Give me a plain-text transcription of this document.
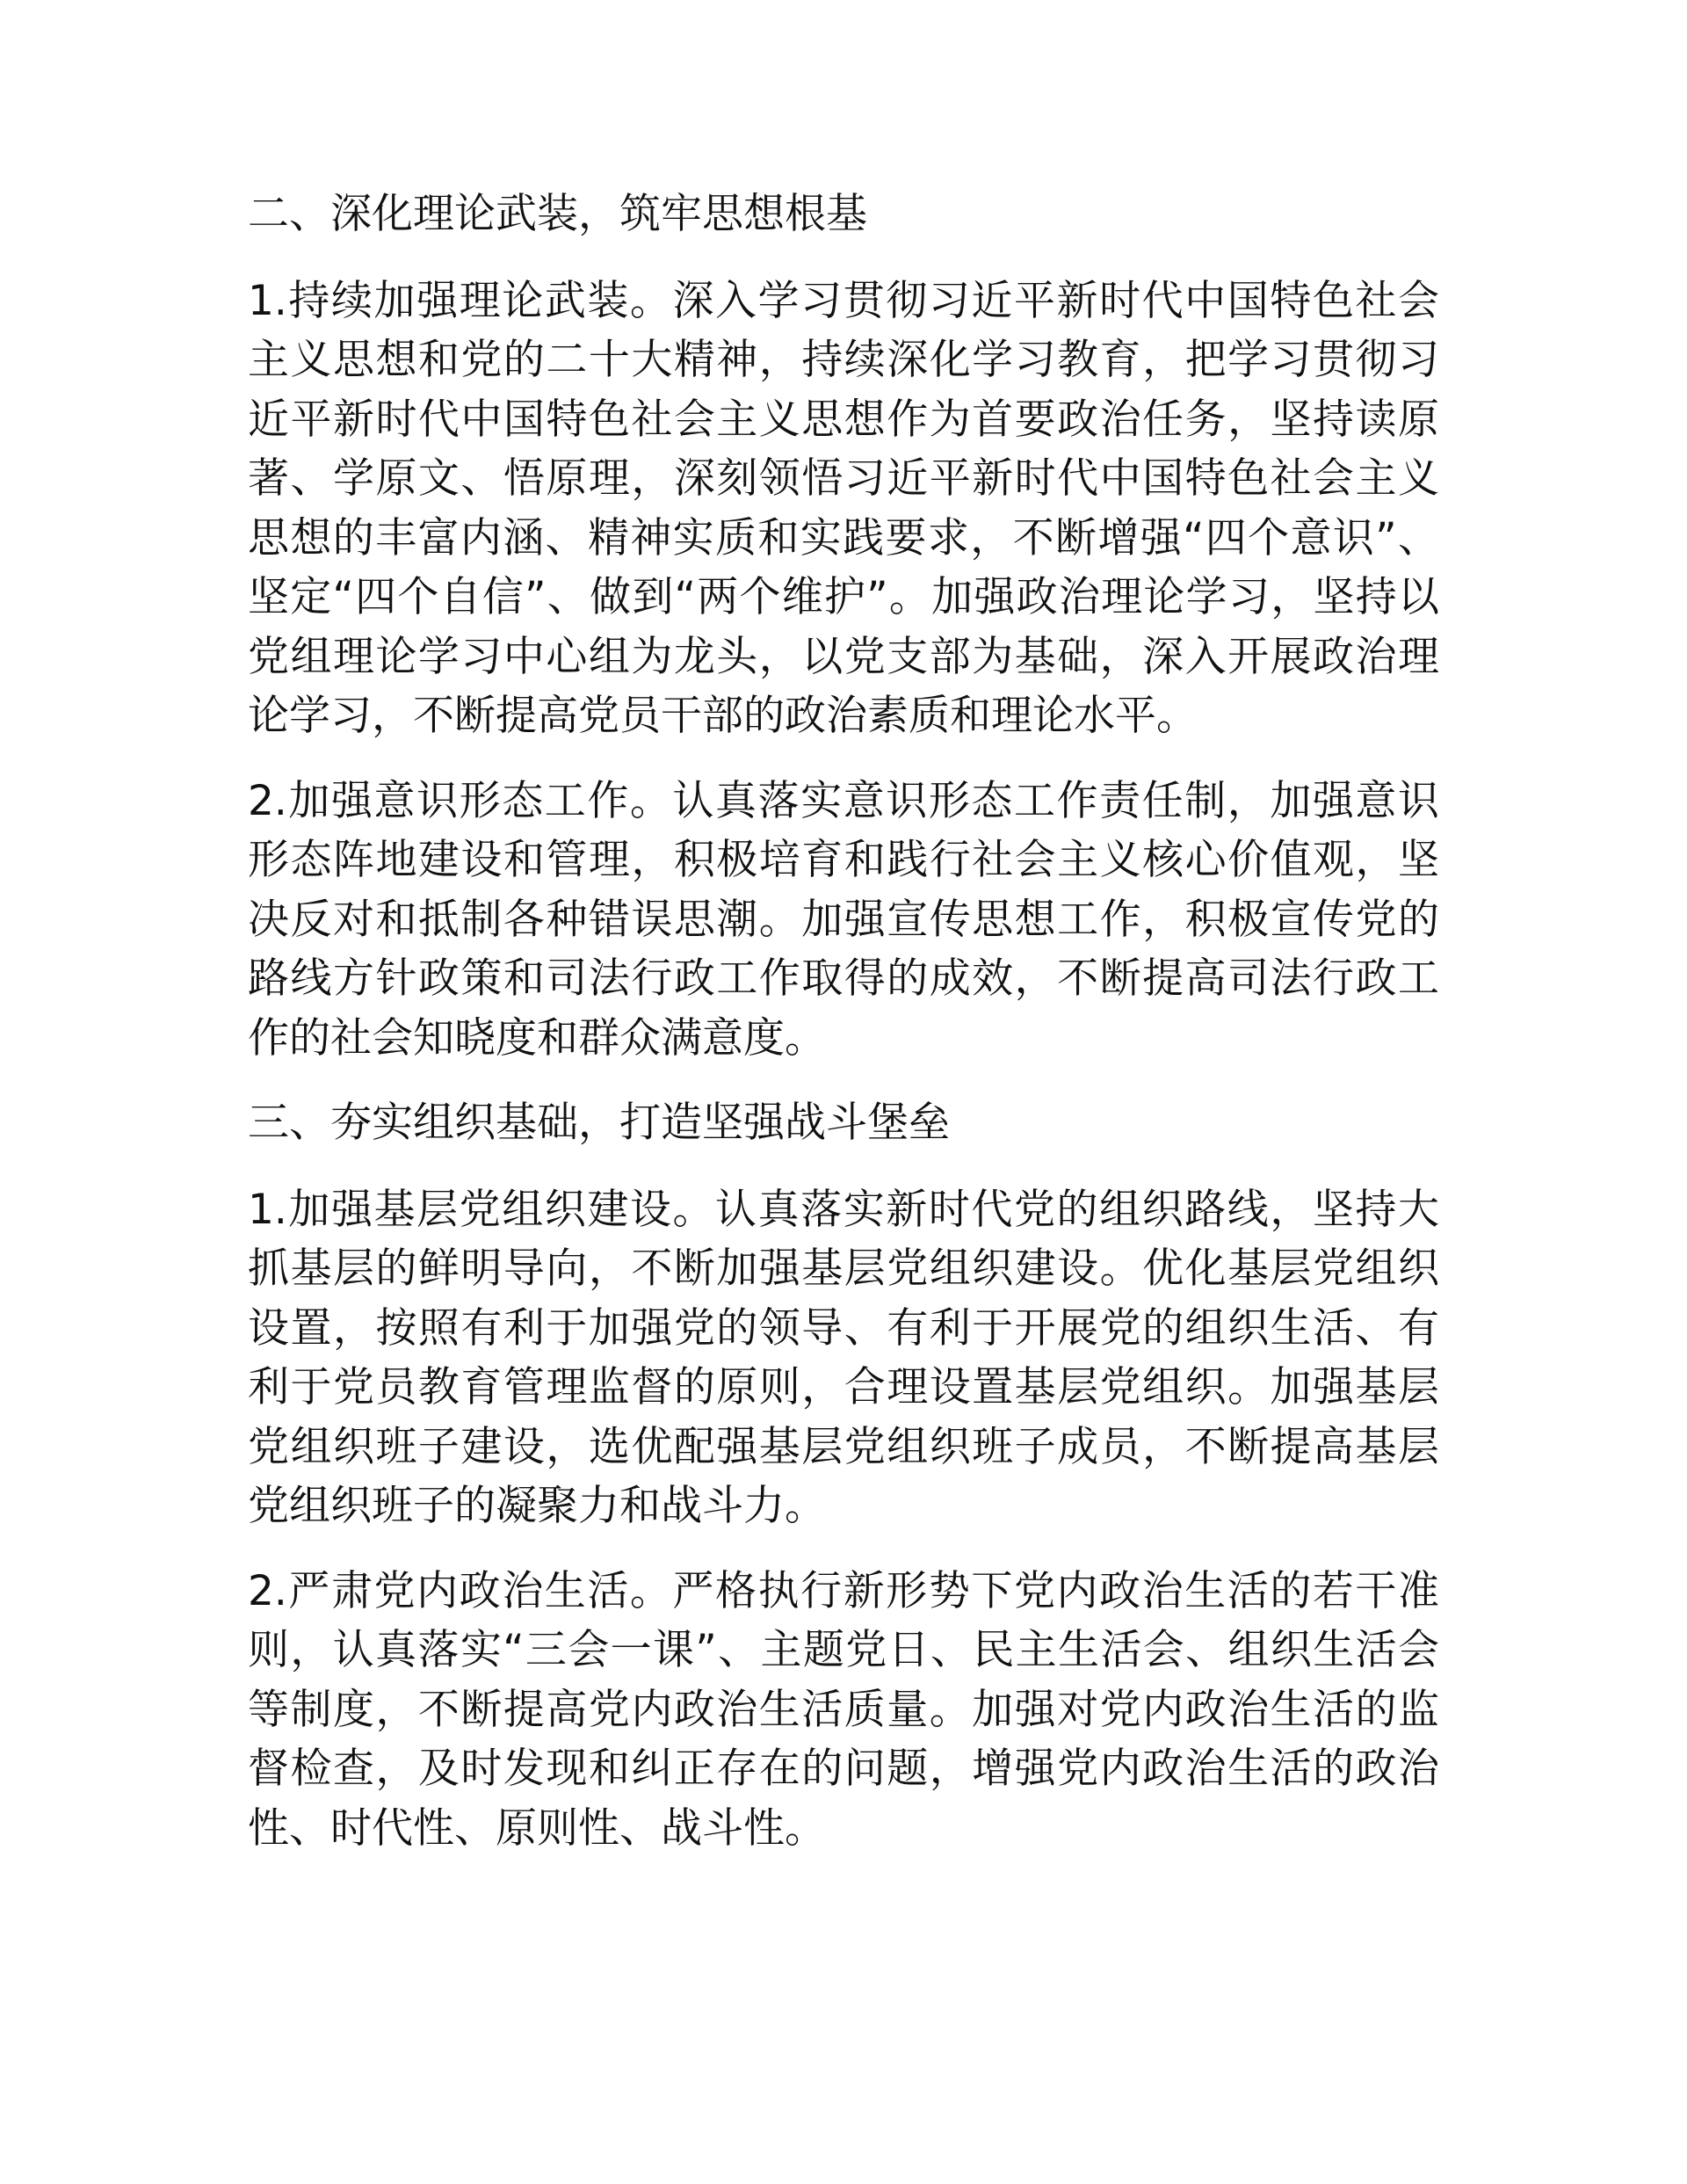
二、深化理论武装，筑牢思想根基

1.持续加强理论武装。深入学习贯彻习近平新时代中国特色社会主义思想和党的二十大精神，持续深化学习教育，把学习贯彻习近平新时代中国特色社会主义思想作为首要政治任务，坚持读原著、学原文、悟原理，深刻领悟习近平新时代中国特色社会主义思想的丰富内涵、精神实质和实践要求，不断增强“四个意识”、坚定“四个自信”、做到“两个维护”。加强政治理论学习，坚持以党组理论学习中心组为龙头，以党支部为基础，深入开展政治理论学习，不断提高党员干部的政治素质和理论水平。

2.加强意识形态工作。认真落实意识形态工作责任制，加强意识形态阵地建设和管理，积极培育和践行社会主义核心价值观，坚决反对和抵制各种错误思潮。加强宣传思想工作，积极宣传党的路线方针政策和司法行政工作取得的成效，不断提高司法行政工作的社会知晓度和群众满意度。

三、夯实组织基础，打造坚强战斗堡垒

1.加强基层党组织建设。认真落实新时代党的组织路线，坚持大抓基层的鲜明导向，不断加强基层党组织建设。优化基层党组织设置，按照有利于加强党的领导、有利于开展党的组织生活、有利于党员教育管理监督的原则，合理设置基层党组织。加强基层党组织班子建设，选优配强基层党组织班子成员，不断提高基层党组织班子的凝聚力和战斗力。

2.严肃党内政治生活。严格执行新形势下党内政治生活的若干准则，认真落实“三会一课”、主题党日、民主生活会、组织生活会等制度，不断提高党内政治生活质量。加强对党内政治生活的监督检查，及时发现和纠正存在的问题，增强党内政治生活的政治性、时代性、原则性、战斗性。
